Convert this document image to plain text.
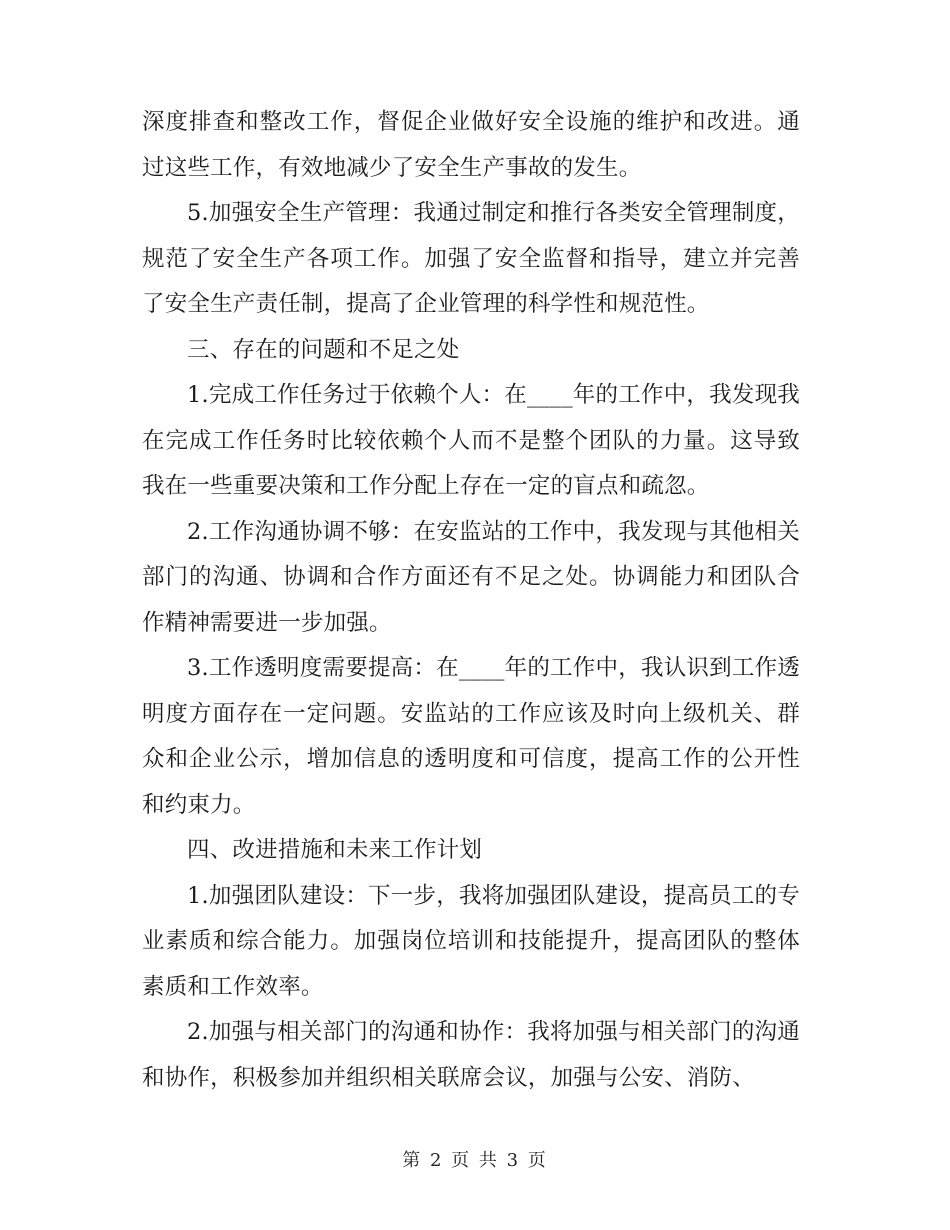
深度排查和整改工作，督促企业做好安全设施的维护和改进。通过这些工作，有效地减少了安全生产事故的发生。

5.加强安全生产管理：我通过制定和推行各类安全管理制度，规范了安全生产各项工作。加强了安全监督和指导，建立并完善了安全生产责任制，提高了企业管理的科学性和规范性。

三、存在的问题和不足之处

1.完成工作任务过于依赖个人：在____年的工作中，我发现我在完成工作任务时比较依赖个人而不是整个团队的力量。这导致我在一些重要决策和工作分配上存在一定的盲点和疏忽。

2.工作沟通协调不够：在安监站的工作中，我发现与其他相关部门的沟通、协调和合作方面还有不足之处。协调能力和团队合作精神需要进一步加强。

3.工作透明度需要提高：在____年的工作中，我认识到工作透明度方面存在一定问题。安监站的工作应该及时向上级机关、群众和企业公示，增加信息的透明度和可信度，提高工作的公开性和约束力。

四、改进措施和未来工作计划

1.加强团队建设：下一步，我将加强团队建设，提高员工的专业素质和综合能力。加强岗位培训和技能提升，提高团队的整体素质和工作效率。

2.加强与相关部门的沟通和协作：我将加强与相关部门的沟通和协作，积极参加并组织相关联席会议，加强与公安、消防、

第 2 页 共 3 页
